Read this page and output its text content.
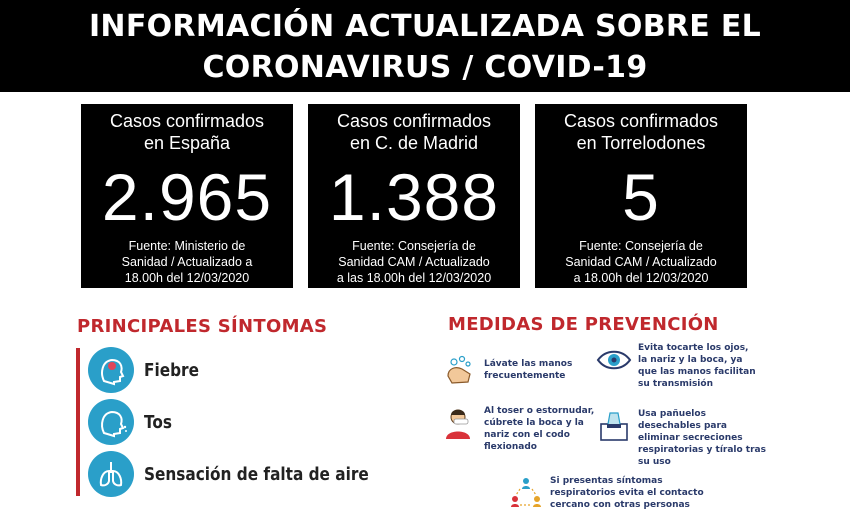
INFORMACIÓN ACTUALIZADA SOBRE EL
CORONAVIRUS / COVID-19
Casos confirmados
en España
2.965
Fuente: Ministerio de
Sanidad / Actualizado a
18.00h del 12/03/2020
Casos confirmados
en C. de Madrid
1.388
Fuente: Consejería de
Sanidad CAM / Actualizado
a las 18.00h del 12/03/2020
Casos confirmados
en Torrelodones
5
Fuente: Consejería de
Sanidad CAM / Actualizado
a 18.00h del 12/03/2020
PRINCIPALES SÍNTOMAS
Fiebre
Tos
Sensación de falta de aire
MEDIDAS DE PREVENCIÓN
Lávate las manos
frecuentemente
Evita tocarte los ojos,
la nariz y la boca, ya
que las manos facilitan
su transmisión
Al toser o estornudar,
cúbrete la boca y la
nariz con el codo
flexionado
Usa pañuelos
desechables para
eliminar secreciones
respiratorias y tíralo tras
su uso
Si presentas síntomas
respiratorios evita el contacto
cercano con otras personas
